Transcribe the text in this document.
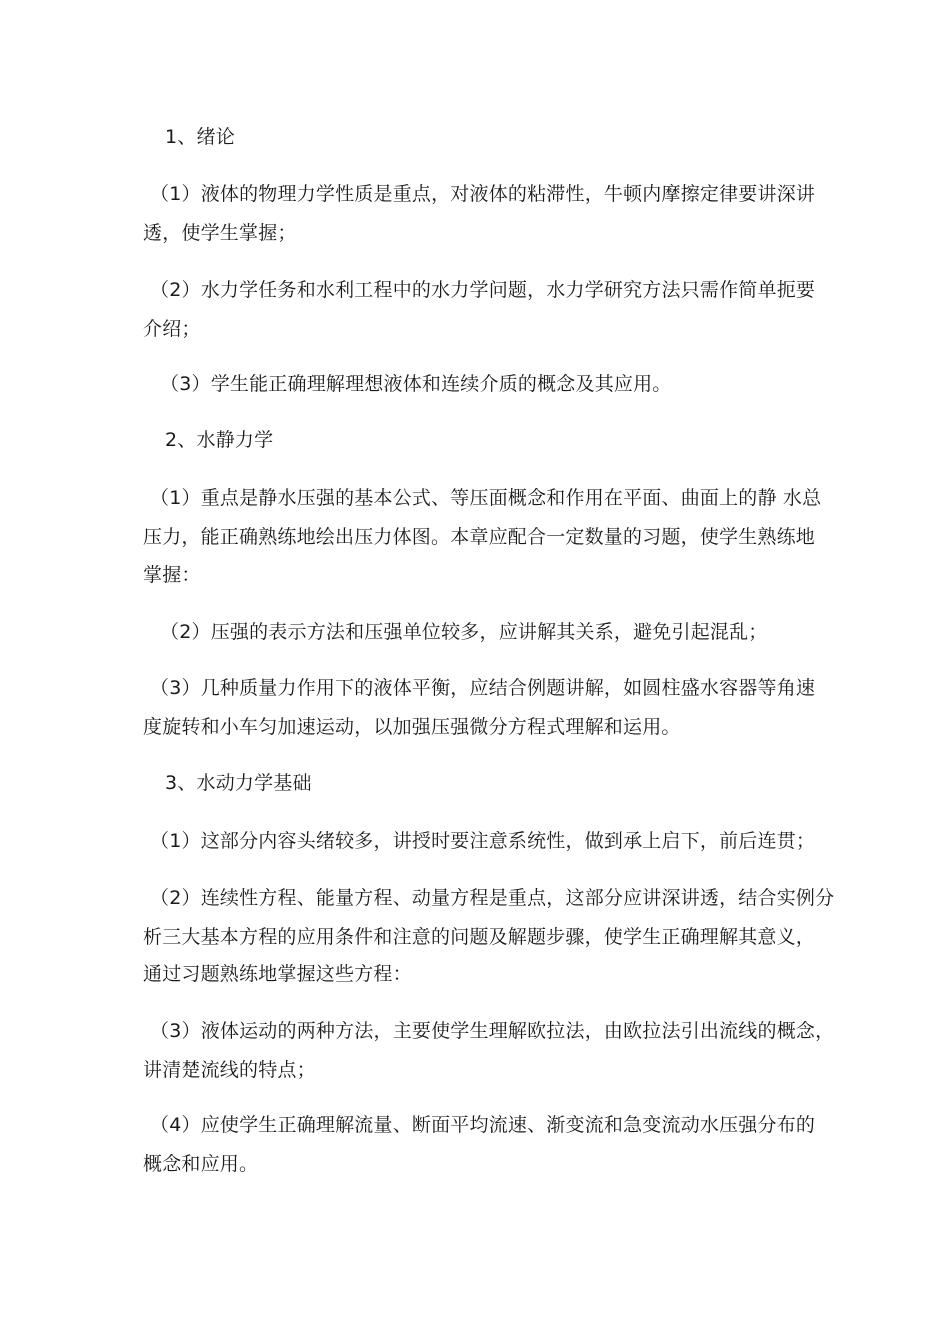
1、绪论
（1）液体的物理力学性质是重点，对液体的粘滞性，牛顿内摩擦定律要讲深讲
透，使学生掌握；
（2）水力学任务和水利工程中的水力学问题，水力学研究方法只需作简单扼要
介绍；
（3）学生能正确理解理想液体和连续介质的概念及其应用。
2、水静力学
（1）重点是静水压强的基本公式、等压面概念和作用在平面、曲面上的静 水总
压力，能正确熟练地绘出压力体图。本章应配合一定数量的习题，使学生熟练地
掌握：
（2）压强的表示方法和压强单位较多，应讲解其关系，避免引起混乱；
（3）几种质量力作用下的液体平衡，应结合例题讲解，如圆柱盛水容器等角速
度旋转和小车匀加速运动，以加强压强微分方程式理解和运用。
3、水动力学基础
（1）这部分内容头绪较多，讲授时要注意系统性，做到承上启下，前后连贯；
（2）连续性方程、能量方程、动量方程是重点，这部分应讲深讲透，结合实例分
析三大基本方程的应用条件和注意的问题及解题步骤，使学生正确理解其意义，
通过习题熟练地掌握这些方程：
（3）液体运动的两种方法，主要使学生理解欧拉法，由欧拉法引出流线的概念，
讲清楚流线的特点；
（4）应使学生正确理解流量、断面平均流速、渐变流和急变流动水压强分布的
概念和应用。
